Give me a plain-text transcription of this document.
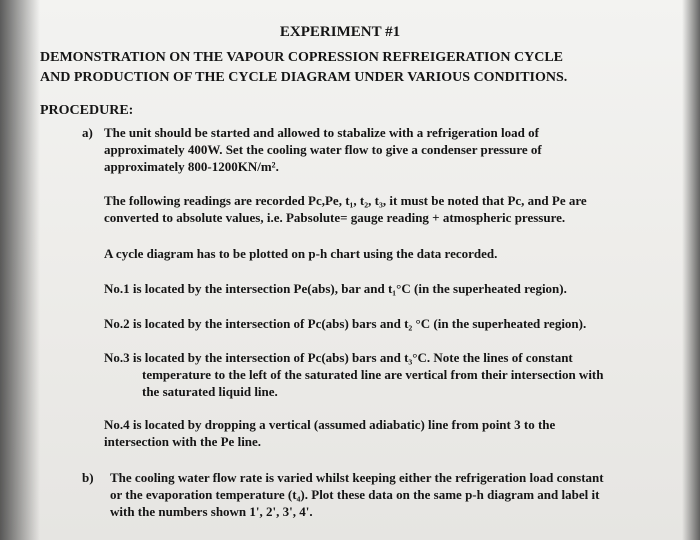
EXPERIMENT #1
DEMONSTRATION ON THE VAPOUR COPRESSION REFREIGERATION CYCLE
AND PRODUCTION OF THE CYCLE DIAGRAM UNDER VARIOUS CONDITIONS.
PROCEDURE:
a) The unit should be started and allowed to stabalize with a refrigeration load of
approximately 400W. Set the cooling water flow to give a condenser pressure of
approximately 800-1200KN/m².
The following readings are recorded Pc,Pe, t₁, t₂, t₃, it must be noted that Pc, and Pe are
converted to absolute values, i.e. Pabsolute= gauge reading + atmospheric pressure.
A cycle diagram has to be plotted on p-h chart using the data recorded.
No.1 is located by the intersection Pe(abs), bar and t₁°C (in the superheated region).
No.2 is located by the intersection of Pc(abs) bars and t₂ °C (in the superheated region).
No.3 is located by the intersection of Pc(abs) bars and t₃°C. Note the lines of constant
temperature to the left of the saturated line are vertical from their intersection with
the saturated liquid line.
No.4 is located by dropping a vertical (assumed adiabatic) line from point 3 to the
intersection with the Pe line.
b) The cooling water flow rate is varied whilst keeping either the refrigeration load constant
or the evaporation temperature (t₄). Plot these data on the same p-h diagram and label it
with the numbers shown 1', 2', 3', 4'.
